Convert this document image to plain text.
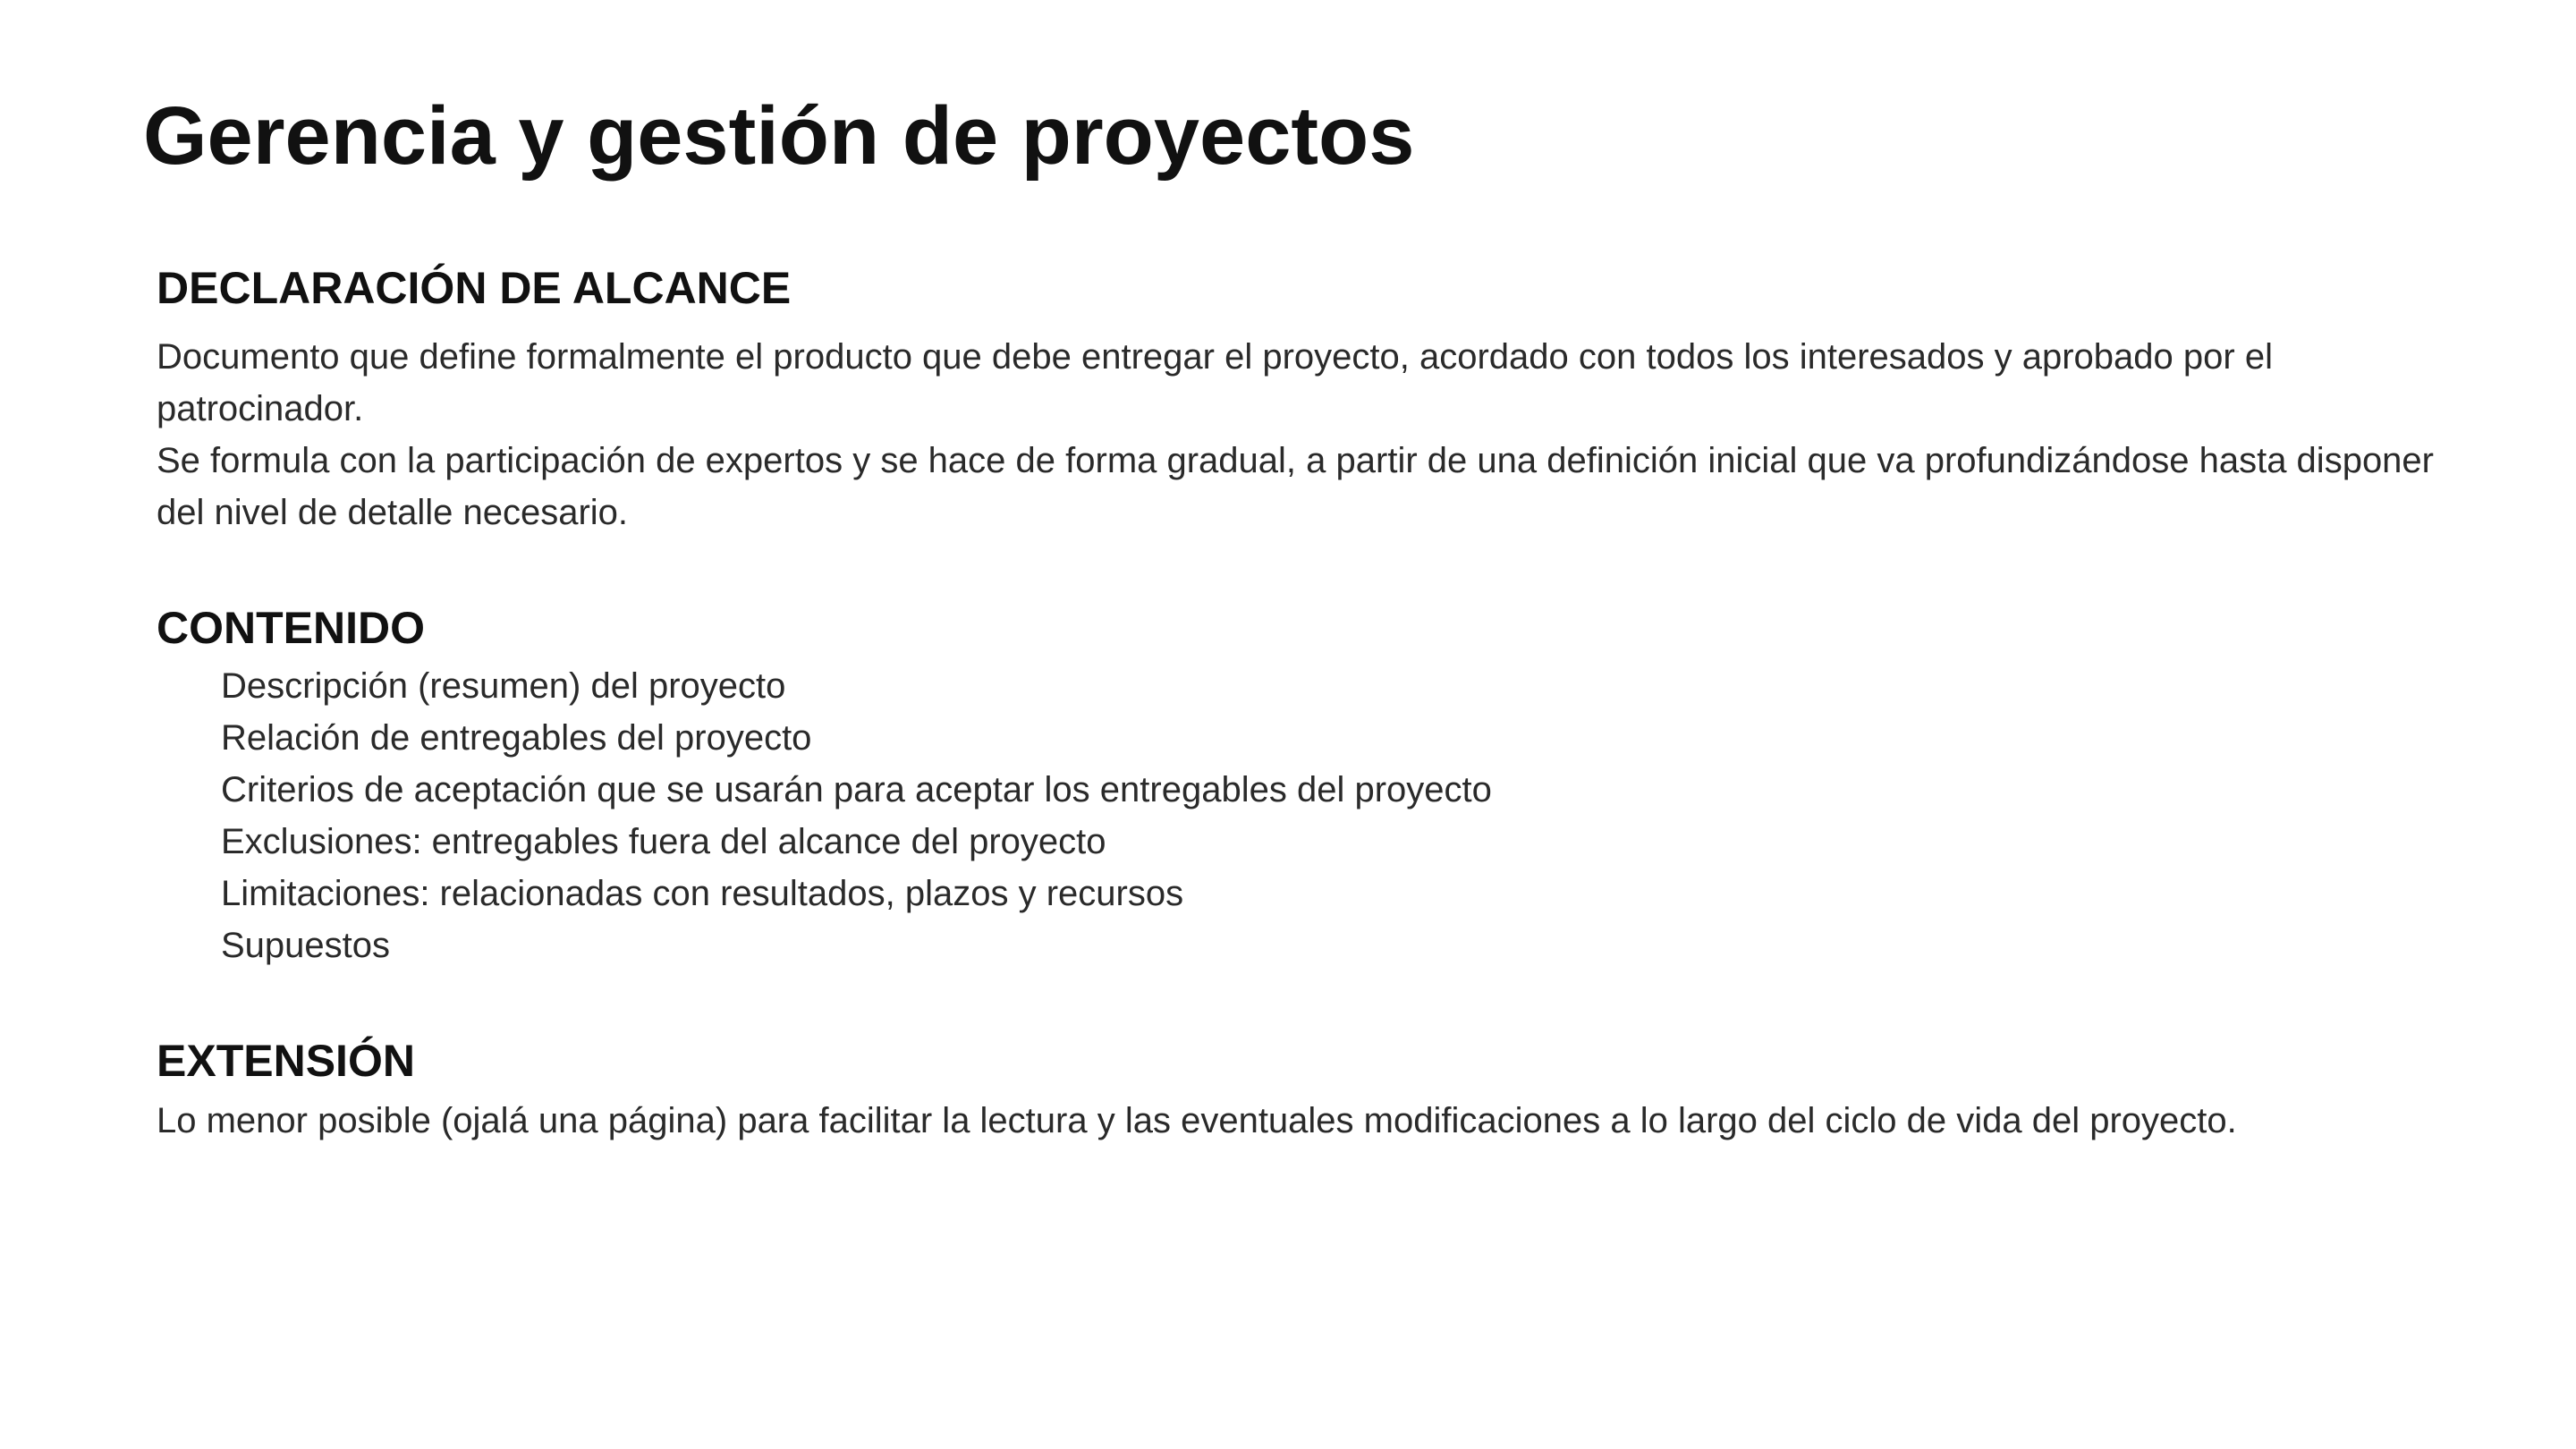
Gerencia y gestión de proyectos
DECLARACIÓN DE ALCANCE

Documento que define formalmente el producto que debe entregar el proyecto, acordado con todos los interesados y aprobado por el patrocinador.
Se formula con la participación de expertos y se hace de forma gradual, a partir de una definición inicial que va profundizándose hasta disponer del nivel de detalle necesario.

CONTENIDO
Descripción (resumen) del proyecto
Relación de entregables del proyecto
Criterios de aceptación que se usarán para aceptar los entregables del proyecto
Exclusiones: entregables fuera del alcance del proyecto
Limitaciones: relacionadas con resultados, plazos y recursos
Supuestos
EXTENSIÓN

Lo menor posible (ojalá una página) para facilitar la lectura y las eventuales modificaciones a lo largo del ciclo de vida del proyecto.
